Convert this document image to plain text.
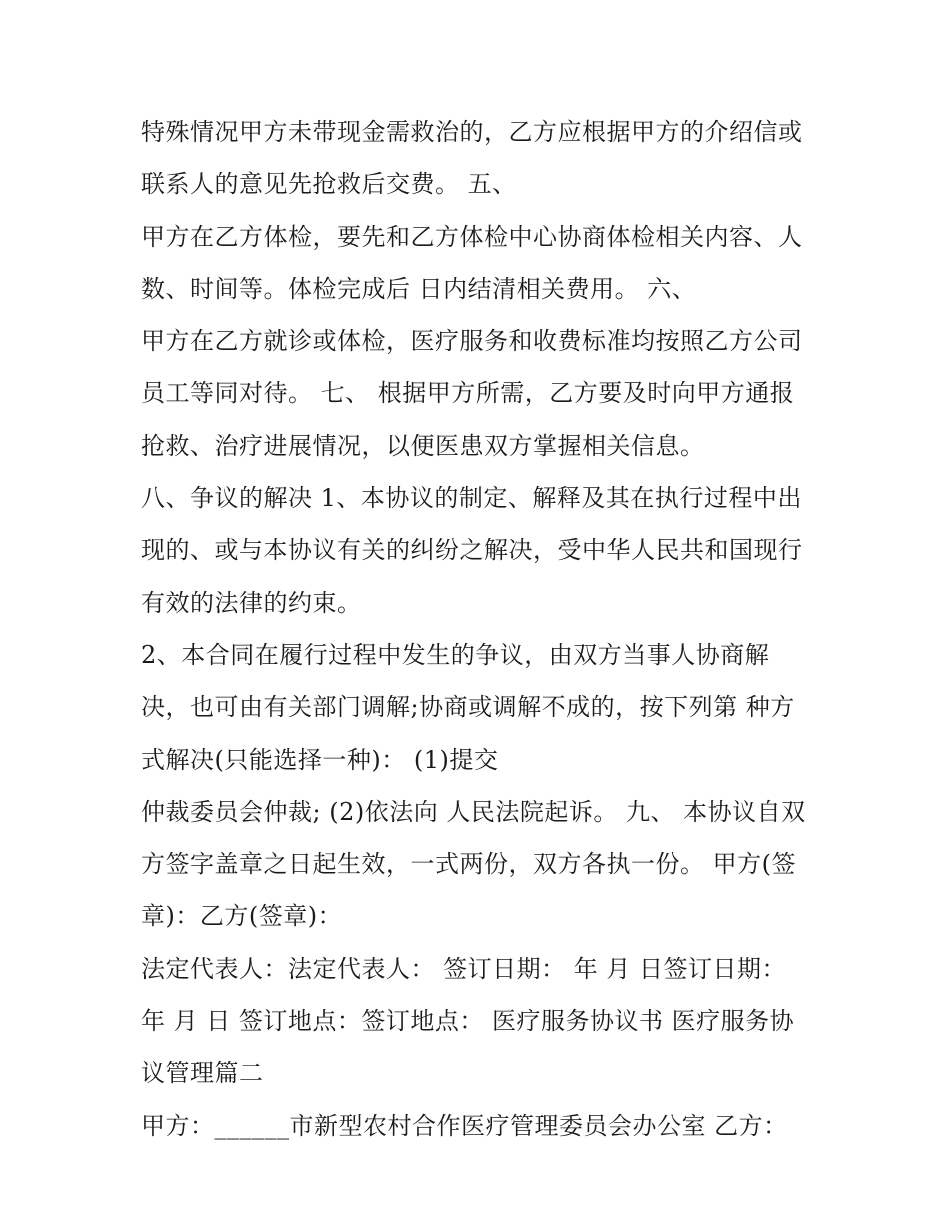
特殊情况甲方未带现金需救治的，乙方应根据甲方的介绍信或
联系人的意见先抢救后交费。 五、
甲方在乙方体检，要先和乙方体检中心协商体检相关内容、人
数、时间等。体检完成后 日内结清相关费用。 六、
甲方在乙方就诊或体检，医疗服务和收费标准均按照乙方公司
员工等同对待。 七、 根据甲方所需，乙方要及时向甲方通报
抢救、治疗进展情况，以便医患双方掌握相关信息。
八、争议的解决 1、本协议的制定、解释及其在执行过程中出
现的、或与本协议有关的纠纷之解决，受中华人民共和国现行
有效的法律的约束。
2、本合同在履行过程中发生的争议，由双方当事人协商解
决，也可由有关部门调解;协商或调解不成的，按下列第 种方
式解决(只能选择一种)： (1)提交
仲裁委员会仲裁; (2)依法向 人民法院起诉。 九、 本协议自双
方签字盖章之日起生效，一式两份，双方各执一份。 甲方(签
章)：乙方(签章)：
法定代表人：法定代表人： 签订日期： 年 月 日签订日期：
年 月 日 签订地点：签订地点： 医疗服务协议书 医疗服务协
议管理篇二
甲方：______市新型农村合作医疗管理委员会办公室 乙方：
